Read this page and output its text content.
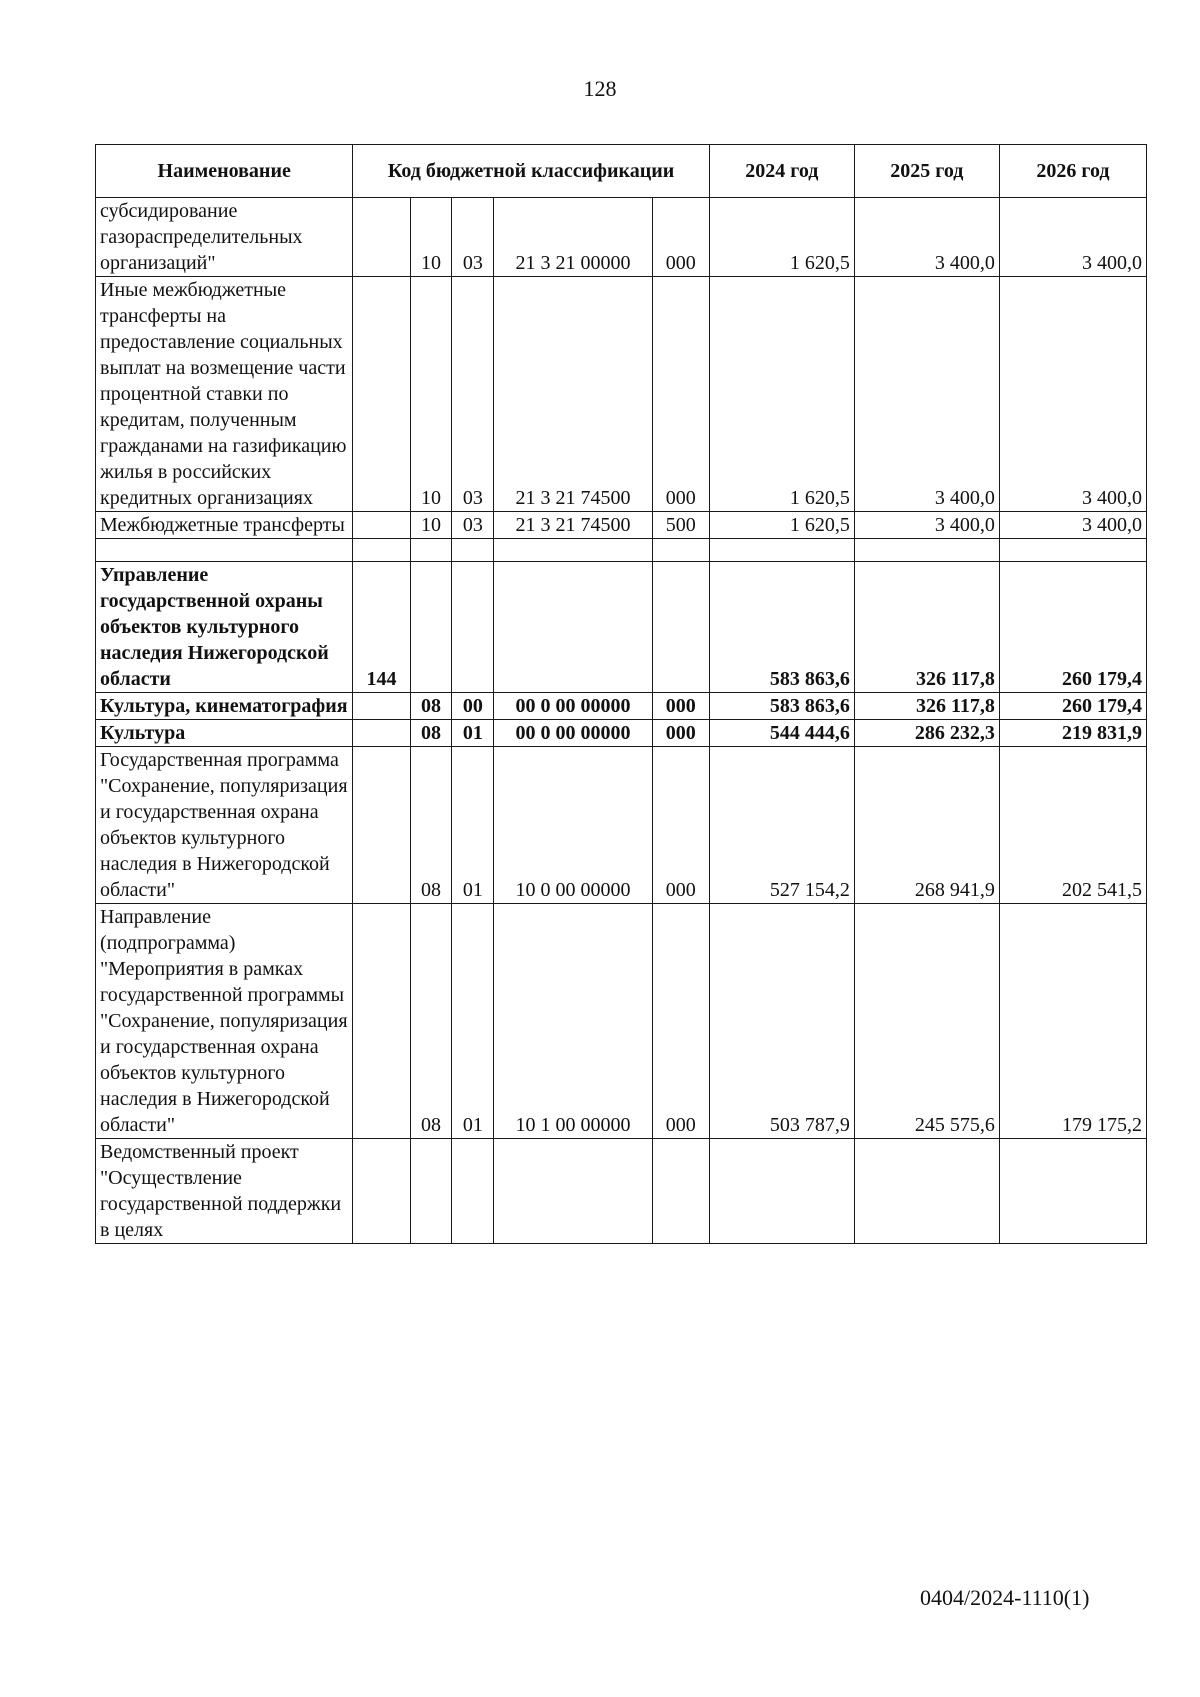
128
Наименование	Код бюджетной классификации					2024 год	2025 год	2026 год
субсидирование газораспределительных организаций"		10	03	21 3 21 00000	000	1 620,5	3 400,0	3 400,0
Иные межбюджетные трансферты на предоставление социальных выплат на возмещение части процентной ставки по кредитам, полученным гражданами на газификацию жилья в российских кредитных организациях		10	03	21 3 21 74500	000	1 620,5	3 400,0	3 400,0
Межбюджетные трансферты		10	03	21 3 21 74500	500	1 620,5	3 400,0	3 400,0

Управление государственной охраны объектов культурного наследия Нижегородской области	144					583 863,6	326 117,8	260 179,4
Культура, кинематография		08	00	00 0 00 00000	000	583 863,6	326 117,8	260 179,4
Культура		08	01	00 0 00 00000	000	544 444,6	286 232,3	219 831,9
Государственная программа "Сохранение, популяризация и государственная охрана объектов культурного наследия в Нижегородской области"		08	01	10 0 00 00000	000	527 154,2	268 941,9	202 541,5
Направление (подпрограмма) "Мероприятия в рамках государственной программы "Сохранение, популяризация и государственная охрана объектов культурного наследия в Нижегородской области"		08	01	10 1 00 00000	000	503 787,9	245 575,6	179 175,2
Ведомственный проект "Осуществление государственной поддержки в целях								
0404/2024-1110(1)
